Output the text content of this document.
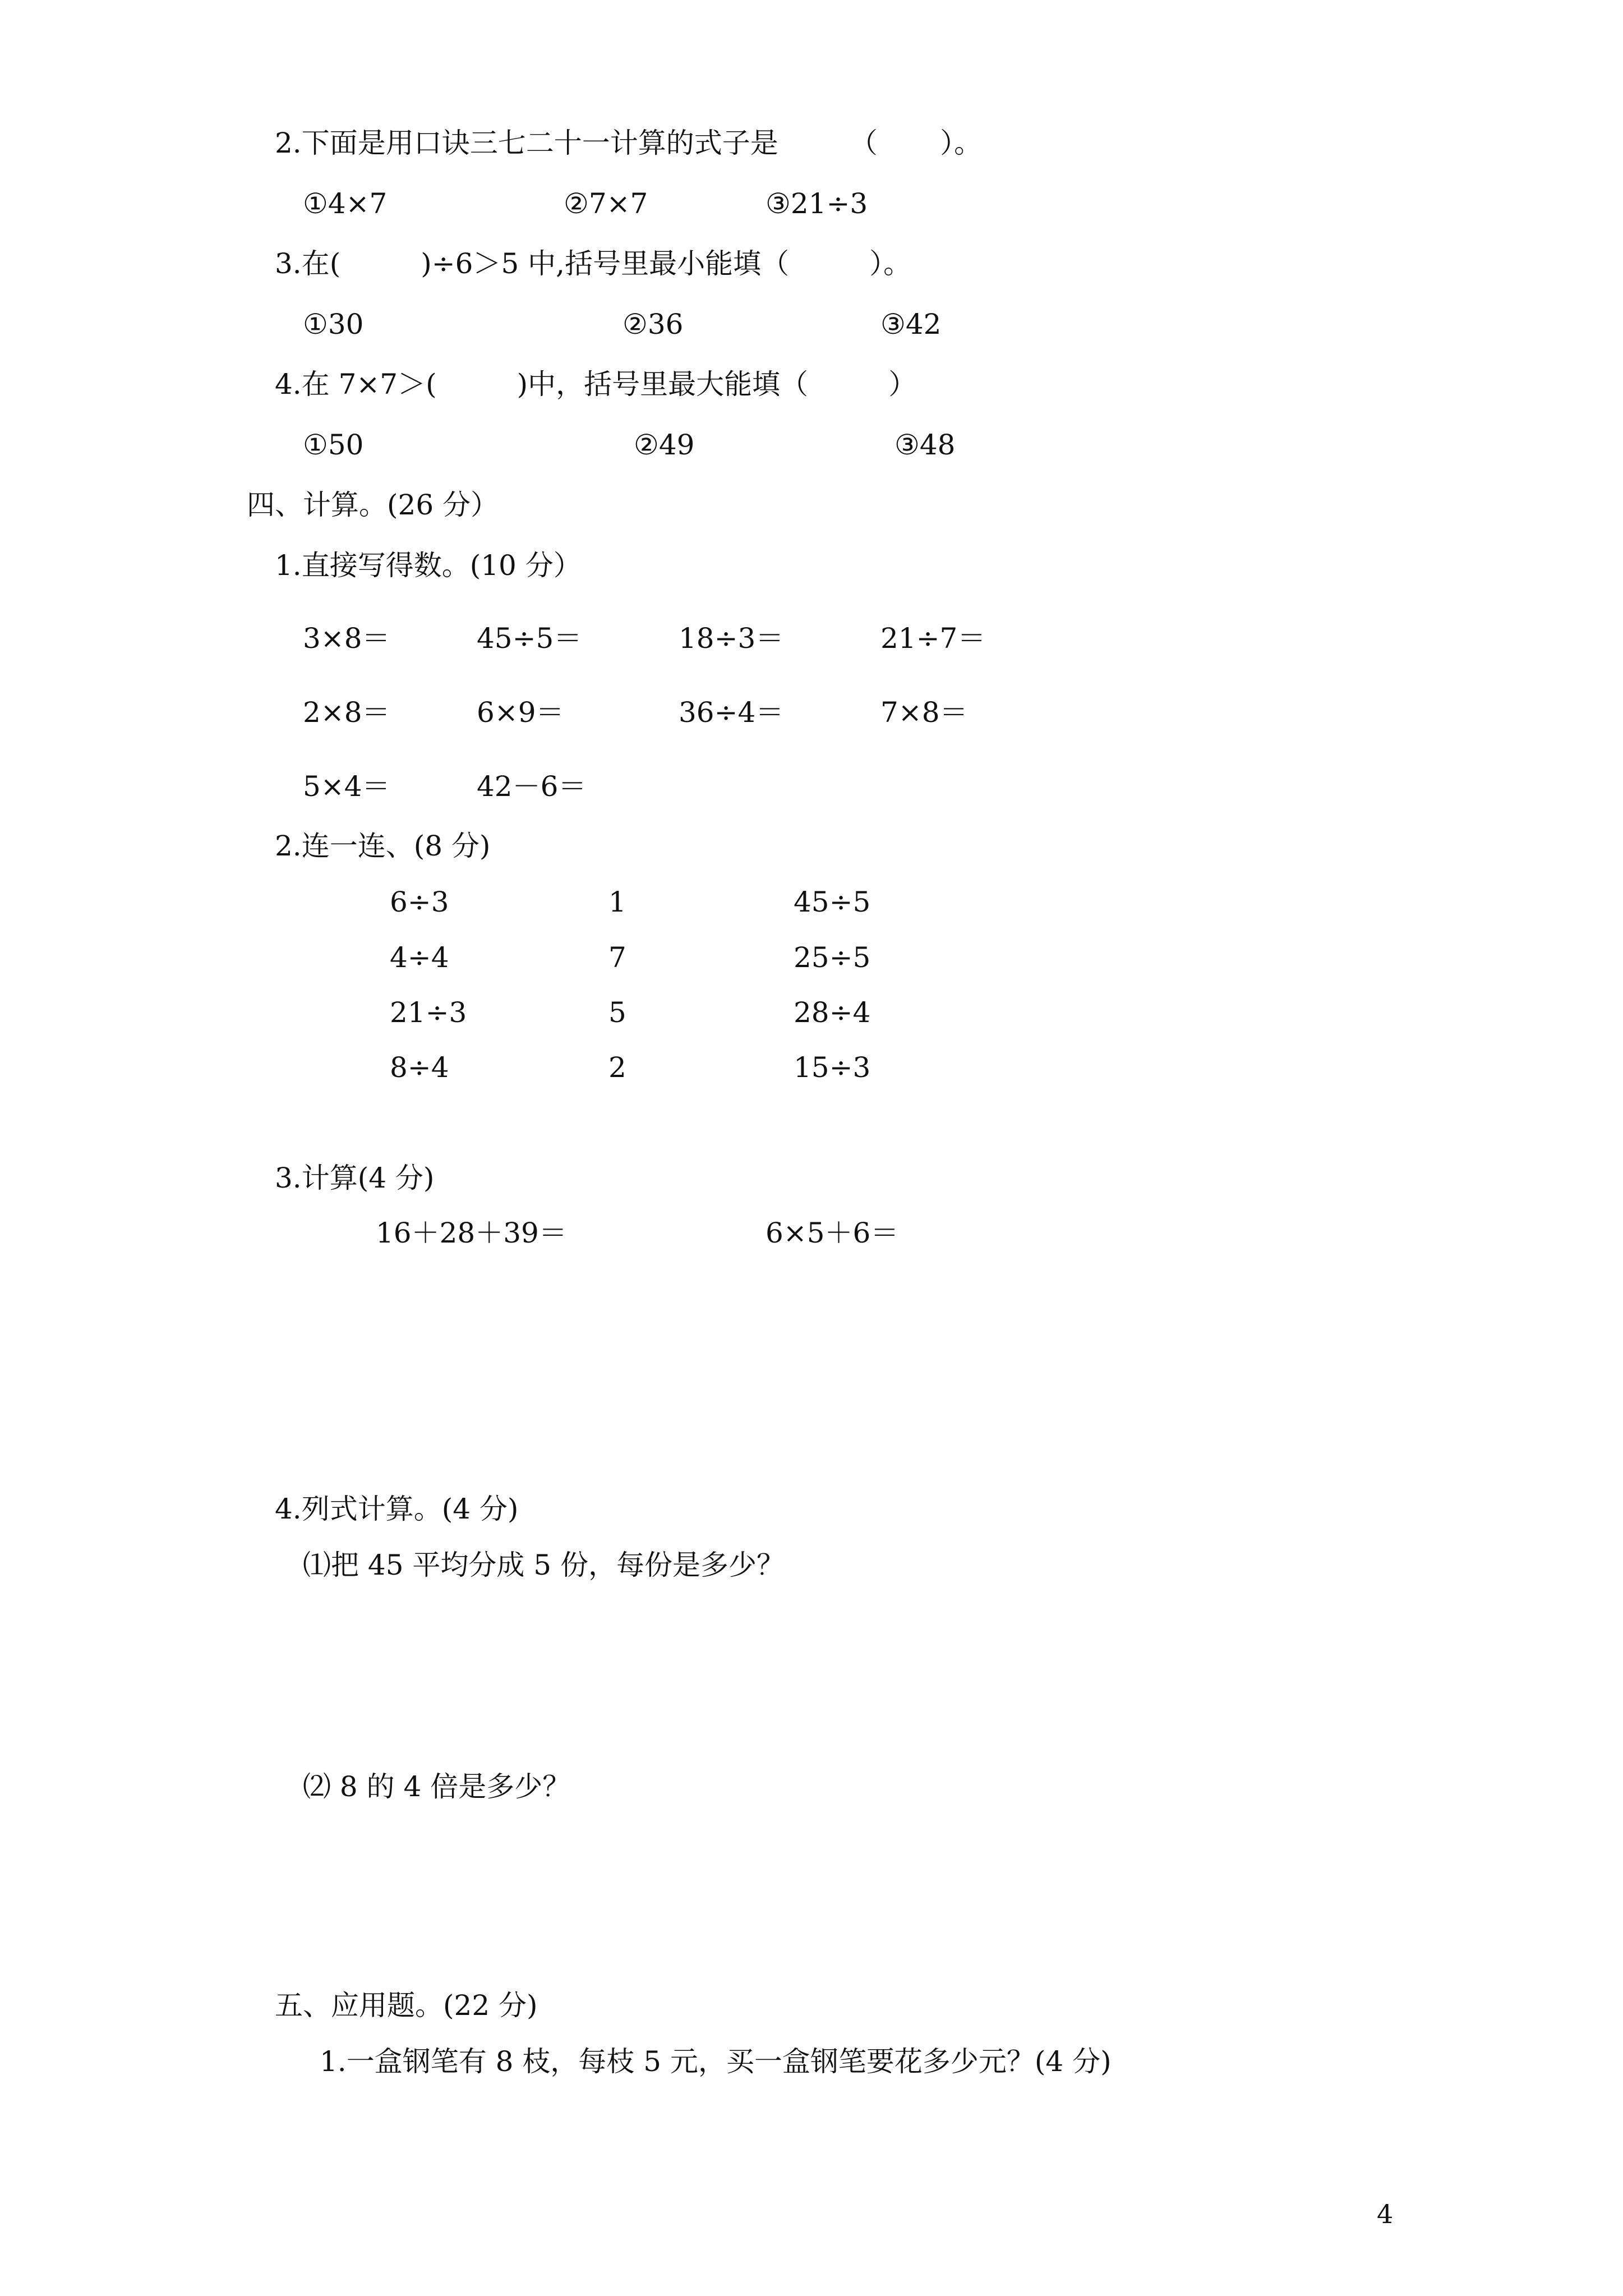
2.下面是用口诀三七二十一计算的式子是        （       ）。
①4×7	②7×7	③21÷3
3.在(         )÷6＞5 中,括号里最小能填（         ）。
①30	②36	③42
4.在 7×7＞(         )中，括号里最大能填（         ）
①50	②49	③48
四、计算。(26 分）
1.直接写得数。(10 分）
3×8＝	45÷5＝	18÷3＝	21÷7＝
2×8＝	6×9＝	36÷4＝	7×8＝
5×4＝	42－6＝
2.连一连、(8 分)
6÷3	1	45÷5
4÷4	7	25÷5
21÷3	5	28÷4
8÷4	2	15÷3
3.计算(4 分)
16＋28＋39＝	6×5＋6＝
4.列式计算。(4 分)
⑴把 45 平均分成 5 份，每份是多少？
⑵ 8 的 4 倍是多少？
五、应用题。(22 分)
1.一盒钢笔有 8 枝，每枝 5 元，买一盒钢笔要花多少元？(4 分)
4
